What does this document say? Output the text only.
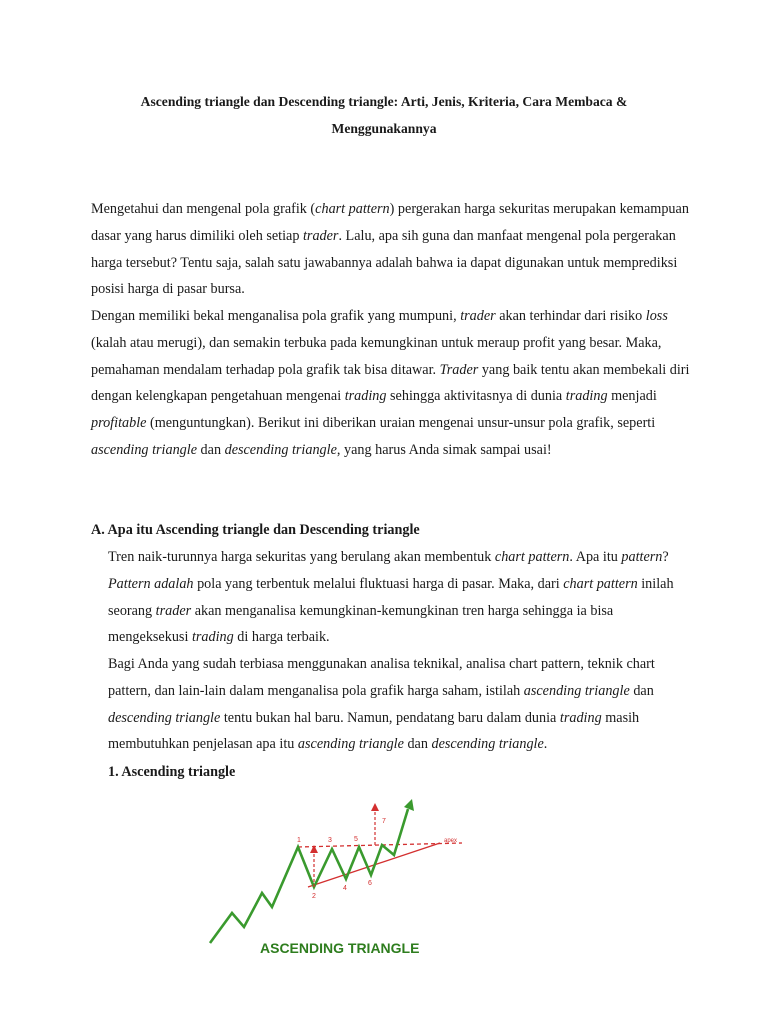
Ascending triangle dan Descending triangle: Arti, Jenis, Kriteria, Cara Membaca &
Menggunakannya

Mengetahui dan mengenal pola grafik (chart pattern) pergerakan harga sekuritas merupakan kemampuan dasar yang harus dimiliki oleh setiap trader. Lalu, apa sih guna dan manfaat mengenal pola pergerakan harga tersebut? Tentu saja, salah satu jawabannya adalah bahwa ia dapat digunakan untuk memprediksi posisi harga di pasar bursa.

Dengan memiliki bekal menganalisa pola grafik yang mumpuni, trader akan terhindar dari risiko loss (kalah atau merugi), dan semakin terbuka pada kemungkinan untuk meraup profit yang besar. Maka, pemahaman mendalam terhadap pola grafik tak bisa ditawar. Trader yang baik tentu akan membekali diri dengan kelengkapan pengetahuan mengenai trading sehingga aktivitasnya di dunia trading menjadi profitable (menguntungkan). Berikut ini diberikan uraian mengenai unsur-unsur pola grafik, seperti ascending triangle dan descending triangle, yang harus Anda simak sampai usai!

A. Apa itu Ascending triangle dan Descending triangle

Tren naik-turunnya harga sekuritas yang berulang akan membentuk chart pattern. Apa itu pattern? Pattern adalah pola yang terbentuk melalui fluktuasi harga di pasar. Maka, dari chart pattern inilah seorang trader akan menganalisa kemungkinan-kemungkinan tren harga sehingga ia bisa mengeksekusi trading di harga terbaik.

Bagi Anda yang sudah terbiasa menggunakan analisa teknikal, analisa chart pattern, teknik chart pattern, dan lain-lain dalam menganalisa pola grafik harga saham, istilah ascending triangle dan descending triangle tentu bukan hal baru. Namun, pendatang baru dalam dunia trading masih membutuhkan penjelasan apa itu ascending triangle dan descending triangle.

1. Ascending triangle
1
2
3
4
5
6
7
apex
ASCENDING TRIANGLE
